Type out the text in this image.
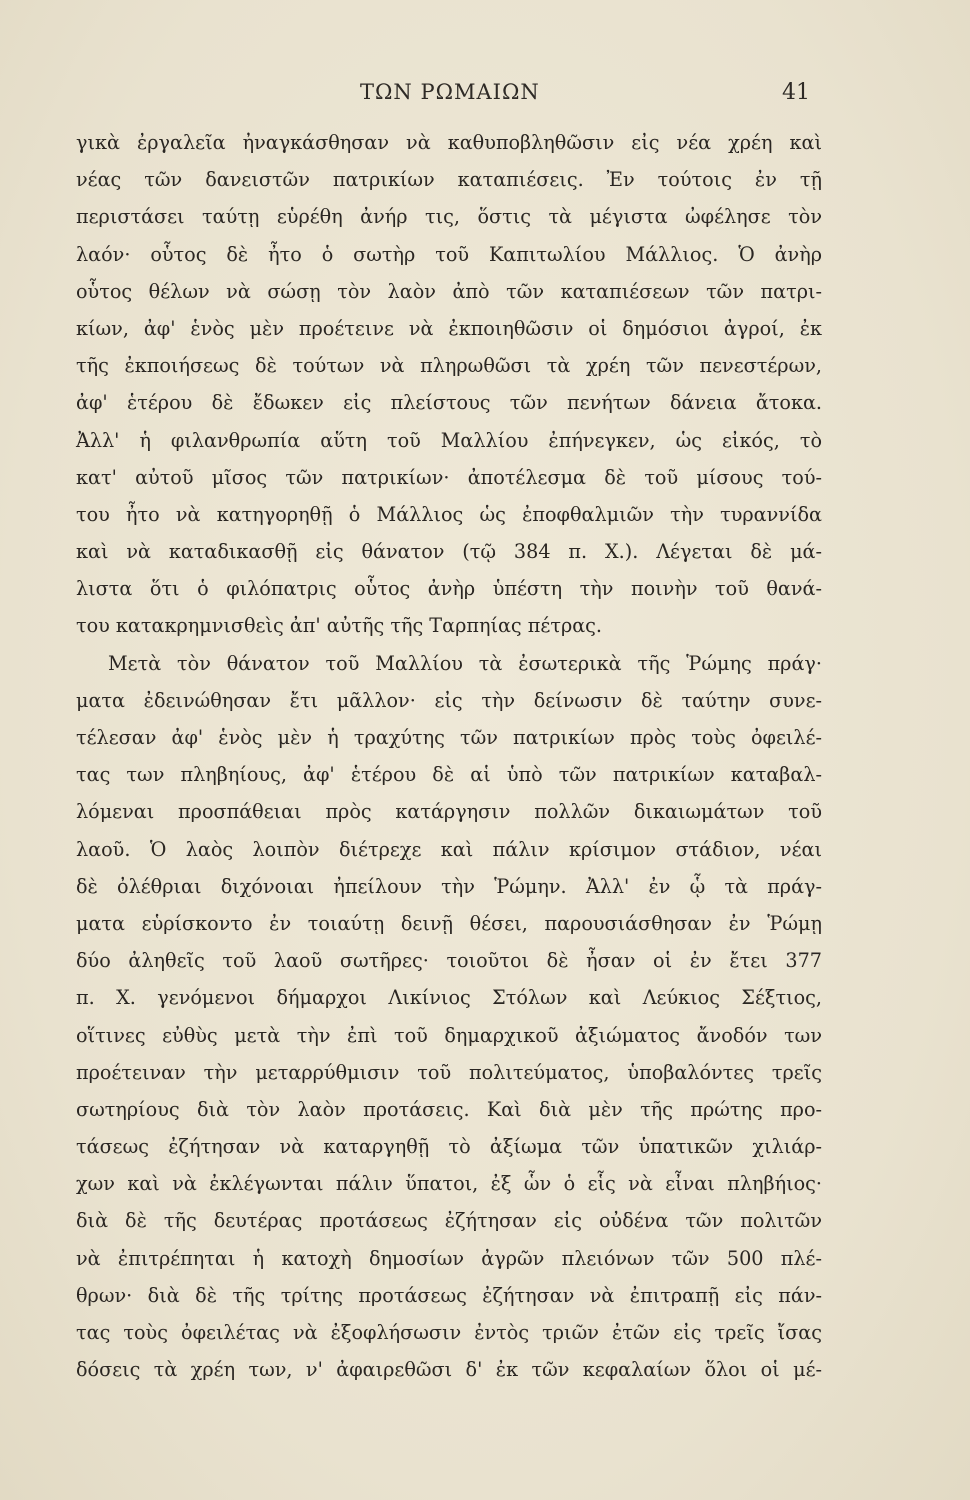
ΤΩΝ ΡΩΜΑΙΩΝ	41
γικὰ ἐργαλεῖα ἠναγκάσθησαν νὰ καθυποβληθῶσιν εἰς νέα χρέη καὶ
νέας τῶν δανειστῶν πατρικίων καταπιέσεις. Ἐν τούτοις ἐν τῇ
περιστάσει ταύτῃ εὑρέθη ἀνήρ τις, ὅστις τὰ μέγιστα ὠφέλησε τὸν
λαόν· οὗτος δὲ ἦτο ὁ σωτὴρ τοῦ Καπιτωλίου Μάλλιος. Ὁ ἀνὴρ
οὗτος θέλων νὰ σώσῃ τὸν λαὸν ἀπὸ τῶν καταπιέσεων τῶν πατρι-
κίων, ἀφ' ἑνὸς μὲν προέτεινε νὰ ἐκποιηθῶσιν οἱ δημόσιοι ἀγροί, ἐκ
τῆς ἐκποιήσεως δὲ τούτων νὰ πληρωθῶσι τὰ χρέη τῶν πενεστέρων,
ἀφ' ἑτέρου δὲ ἔδωκεν εἰς πλείστους τῶν πενήτων δάνεια ἄτοκα.
Ἀλλ' ἡ φιλανθρωπία αὕτη τοῦ Μαλλίου ἐπήνεγκεν, ὡς εἰκός, τὸ
κατ' αὐτοῦ μῖσος τῶν πατρικίων· ἀποτέλεσμα δὲ τοῦ μίσους τού-
του ἦτο νὰ κατηγορηθῇ ὁ Μάλλιος ὡς ἐποφθαλμιῶν τὴν τυραννίδα
καὶ νὰ καταδικασθῇ εἰς θάνατον (τῷ 384 π. Χ.). Λέγεται δὲ μά-
λιστα ὅτι ὁ φιλόπατρις οὗτος ἀνὴρ ὑπέστη τὴν ποινὴν τοῦ θανά-
του κατακρημνισθεὶς ἀπ' αὐτῆς τῆς Ταρπηίας πέτρας.
Μετὰ τὸν θάνατον τοῦ Μαλλίου τὰ ἐσωτερικὰ τῆς Ῥώμης πράγ·
ματα ἐδεινώθησαν ἔτι μᾶλλον· εἰς τὴν δείνωσιν δὲ ταύτην συνε-
τέλεσαν ἀφ' ἑνὸς μὲν ἡ τραχύτης τῶν πατρικίων πρὸς τοὺς ὀφειλέ-
τας των πληβηίους, ἀφ' ἑτέρου δὲ αἱ ὑπὸ τῶν πατρικίων καταβαλ-
λόμεναι προσπάθειαι πρὸς κατάργησιν πολλῶν δικαιωμάτων τοῦ
λαοῦ. Ὁ λαὸς λοιπὸν διέτρεχε καὶ πάλιν κρίσιμον στάδιον, νέαι
δὲ ὀλέθριαι διχόνοιαι ἠπείλουν τὴν Ῥώμην. Ἀλλ' ἐν ᾧ τὰ πράγ-
ματα εὑρίσκοντο ἐν τοιαύτῃ δεινῇ θέσει, παρουσιάσθησαν ἐν Ῥώμῃ
δύο ἀληθεῖς τοῦ λαοῦ σωτῆρες· τοιοῦτοι δὲ ἦσαν οἱ ἐν ἔτει 377
π. Χ. γενόμενοι δήμαρχοι Λικίνιος Στόλων καὶ Λεύκιος Σέξτιος,
οἵτινες εὐθὺς μετὰ τὴν ἐπὶ τοῦ δημαρχικοῦ ἀξιώματος ἄνοδόν των
προέτειναν τὴν μεταρρύθμισιν τοῦ πολιτεύματος, ὑποβαλόντες τρεῖς
σωτηρίους διὰ τὸν λαὸν προτάσεις. Καὶ διὰ μὲν τῆς πρώτης προ-
τάσεως ἐζήτησαν νὰ καταργηθῇ τὸ ἀξίωμα τῶν ὑπατικῶν χιλιάρ-
χων καὶ νὰ ἐκλέγωνται πάλιν ὕπατοι, ἐξ ὧν ὁ εἷς νὰ εἶναι πληβήιος·
διὰ δὲ τῆς δευτέρας προτάσεως ἐζήτησαν εἰς οὐδένα τῶν πολιτῶν
νὰ ἐπιτρέπηται ἡ κατοχὴ δημοσίων ἀγρῶν πλειόνων τῶν 500 πλέ-
θρων· διὰ δὲ τῆς τρίτης προτάσεως ἐζήτησαν νὰ ἐπιτραπῇ εἰς πάν-
τας τοὺς ὀφειλέτας νὰ ἐξοφλήσωσιν ἐντὸς τριῶν ἐτῶν εἰς τρεῖς ἴσας
δόσεις τὰ χρέη των, ν' ἀφαιρεθῶσι δ' ἐκ τῶν κεφαλαίων ὅλοι οἱ μέ-
